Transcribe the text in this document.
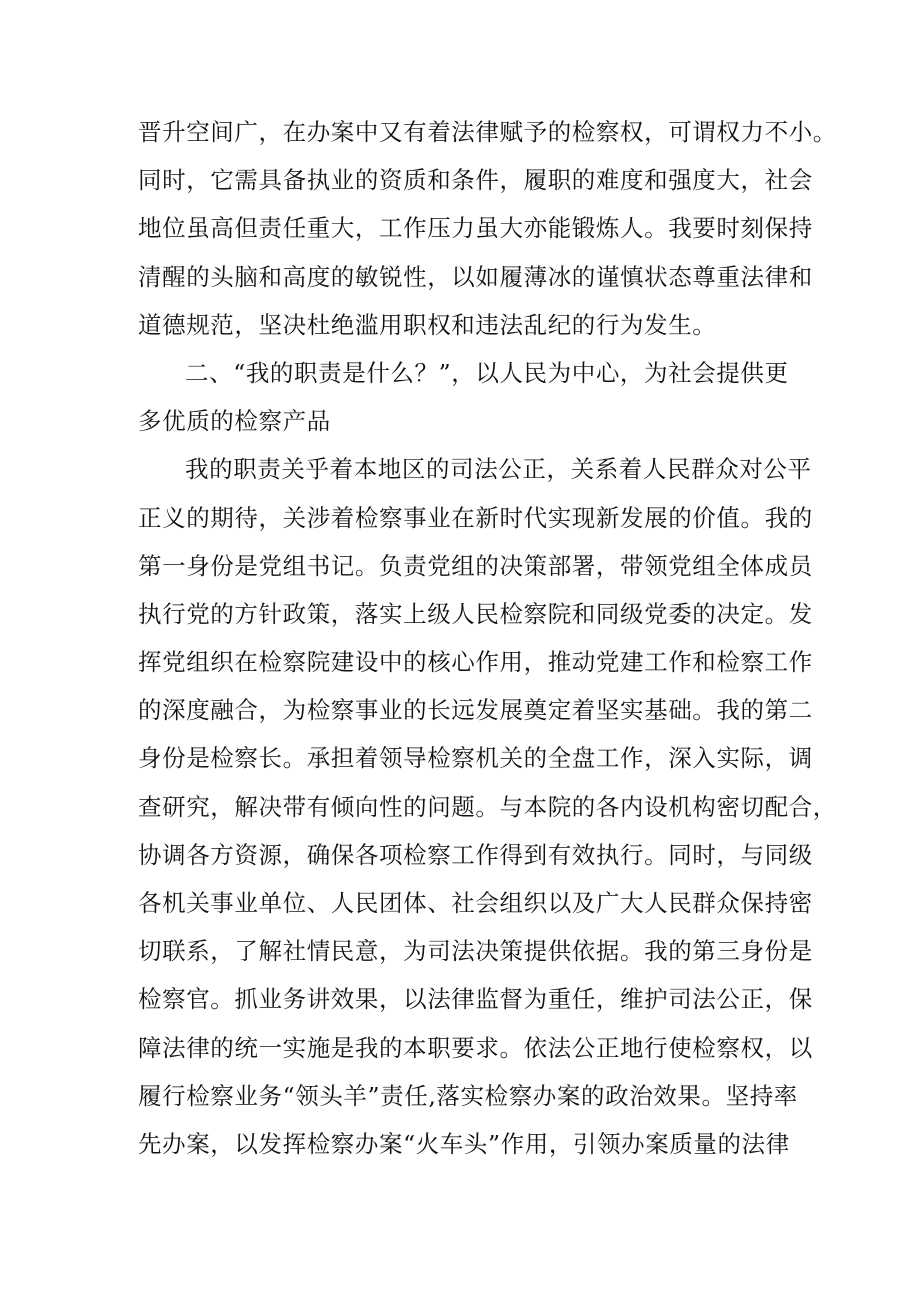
晋升空间广，在办案中又有着法律赋予的检察权，可谓权力不小。
同时，它需具备执业的资质和条件，履职的难度和强度大，社会
地位虽高但责任重大，工作压力虽大亦能锻炼人。我要时刻保持
清醒的头脑和高度的敏锐性，以如履薄冰的谨慎状态尊重法律和
道德规范，坚决杜绝滥用职权和违法乱纪的行为发生。
二、“我的职责是什么？”，以人民为中心，为社会提供更
多优质的检察产品
我的职责关乎着本地区的司法公正，关系着人民群众对公平
正义的期待，关涉着检察事业在新时代实现新发展的价值。我的
第一身份是党组书记。负责党组的决策部署，带领党组全体成员
执行党的方针政策，落实上级人民检察院和同级党委的决定。发
挥党组织在检察院建设中的核心作用，推动党建工作和检察工作
的深度融合，为检察事业的长远发展奠定着坚实基础。我的第二
身份是检察长。承担着领导检察机关的全盘工作，深入实际，调
查研究，解决带有倾向性的问题。与本院的各内设机构密切配合，
协调各方资源，确保各项检察工作得到有效执行。同时，与同级
各机关事业单位、人民团体、社会组织以及广大人民群众保持密
切联系，了解社情民意，为司法决策提供依据。我的第三身份是
检察官。抓业务讲效果，以法律监督为重任，维护司法公正，保
障法律的统一实施是我的本职要求。依法公正地行使检察权，以
履行检察业务“领头羊”责任,落实检察办案的政治效果。坚持率
先办案，以发挥检察办案“火车头”作用，引领办案质量的法律
